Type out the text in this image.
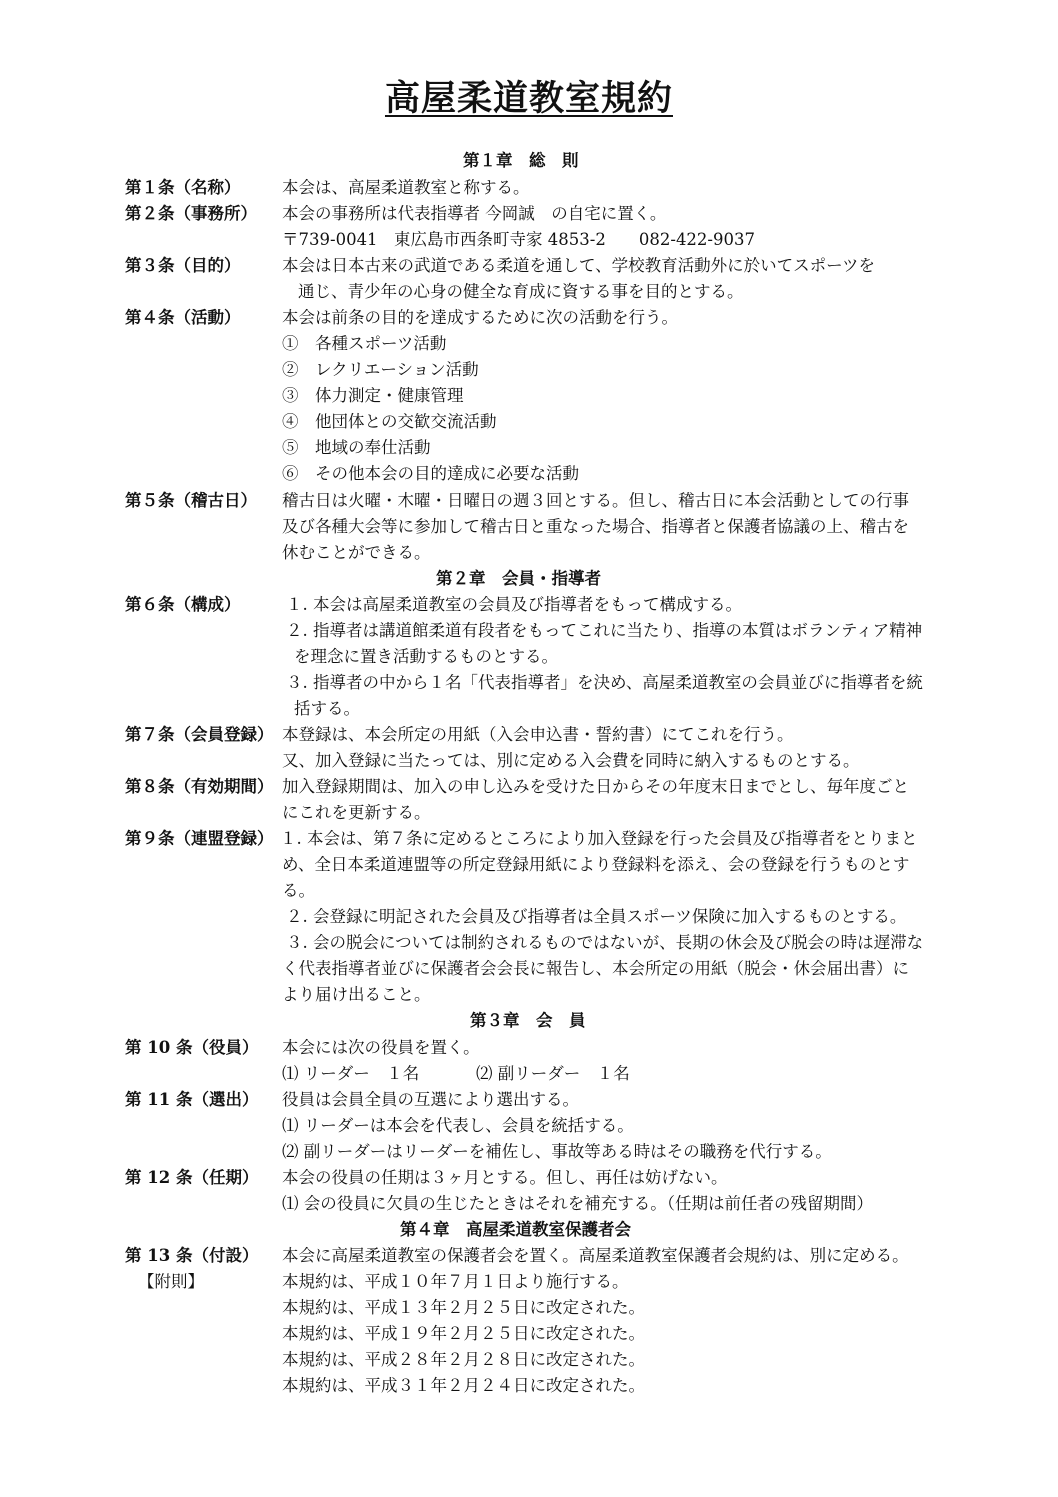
高屋柔道教室規約

第１章　総　則

第１条（名称）	本会は、高屋柔道教室と称する。

第２条（事務所） 本会の事務所は代表指導者 今岡誠　の自宅に置く。

〒739-0041　東広島市西条町寺家 4853-2　　082-422-9037

第３条（目的）	本会は日本古来の武道である柔道を通して、学校教育活動外に於いてスポーツを

通じ、青少年の心身の健全な育成に資する事を目的とする。

第４条（活動）	本会は前条の目的を達成するために次の活動を行う。

①　各種スポーツ活動

②　レクリエーション活動

③　体力測定・健康管理

④　他団体との交歓交流活動

⑤　地域の奉仕活動

⑥　その他本会の目的達成に必要な活動

第５条（稽古日） 稽古日は火曜・木曜・日曜日の週３回とする。但し、稽古日に本会活動としての行事

及び各種大会等に参加して稽古日と重なった場合、指導者と保護者協議の上、稽古を

休むことができる。

第２章　会員・指導者

第６条（構成）	１. 本会は高屋柔道教室の会員及び指導者をもって構成する。

２. 指導者は講道館柔道有段者をもってこれに当たり、指導の本質はボランティア精神

を理念に置き活動するものとする。

３. 指導者の中から１名「代表指導者」を決め、高屋柔道教室の会員並びに指導者を統

括する。

第７条（会員登録） 本登録は、本会所定の用紙（入会申込書・誓約書）にてこれを行う。

又、加入登録に当たっては、別に定める入会費を同時に納入するものとする。

第８条（有効期間） 加入登録期間は、加入の申し込みを受けた日からその年度末日までとし、毎年度ごと

にこれを更新する。

第９条（連盟登録） １. 本会は、第７条に定めるところにより加入登録を行った会員及び指導者をとりまと

め、全日本柔道連盟等の所定登録用紙により登録料を添え、会の登録を行うものとす

る。

２. 会登録に明記された会員及び指導者は全員スポーツ保険に加入するものとする。

３. 会の脱会については制約されるものではないが、長期の休会及び脱会の時は遅滞な

く代表指導者並びに保護者会会長に報告し、本会所定の用紙（脱会・休会届出書）に

より届け出ること。

第３章　会　員

第 10 条（役員） 本会には次の役員を置く。

⑴ リーダー　１名	⑵ 副リーダー　１名

第 11 条（選出） 役員は会員全員の互選により選出する。

⑴ リーダーは本会を代表し、会員を統括する。

⑵ 副リーダーはリーダーを補佐し、事故等ある時はその職務を代行する。

第 12 条（任期） 本会の役員の任期は３ヶ月とする。但し、再任は妨げない。

⑴ 会の役員に欠員の生じたときはそれを補充する。（任期は前任者の残留期間）

第４章　高屋柔道教室保護者会

第 13 条（付設） 本会に高屋柔道教室の保護者会を置く。高屋柔道教室保護者会規約は、別に定める。

【附則】	本規約は、平成１０年７月１日より施行する。

本規約は、平成１３年２月２５日に改定された。

本規約は、平成１９年２月２５日に改定された。

本規約は、平成２８年２月２８日に改定された。

本規約は、平成３１年２月２４日に改定された。
